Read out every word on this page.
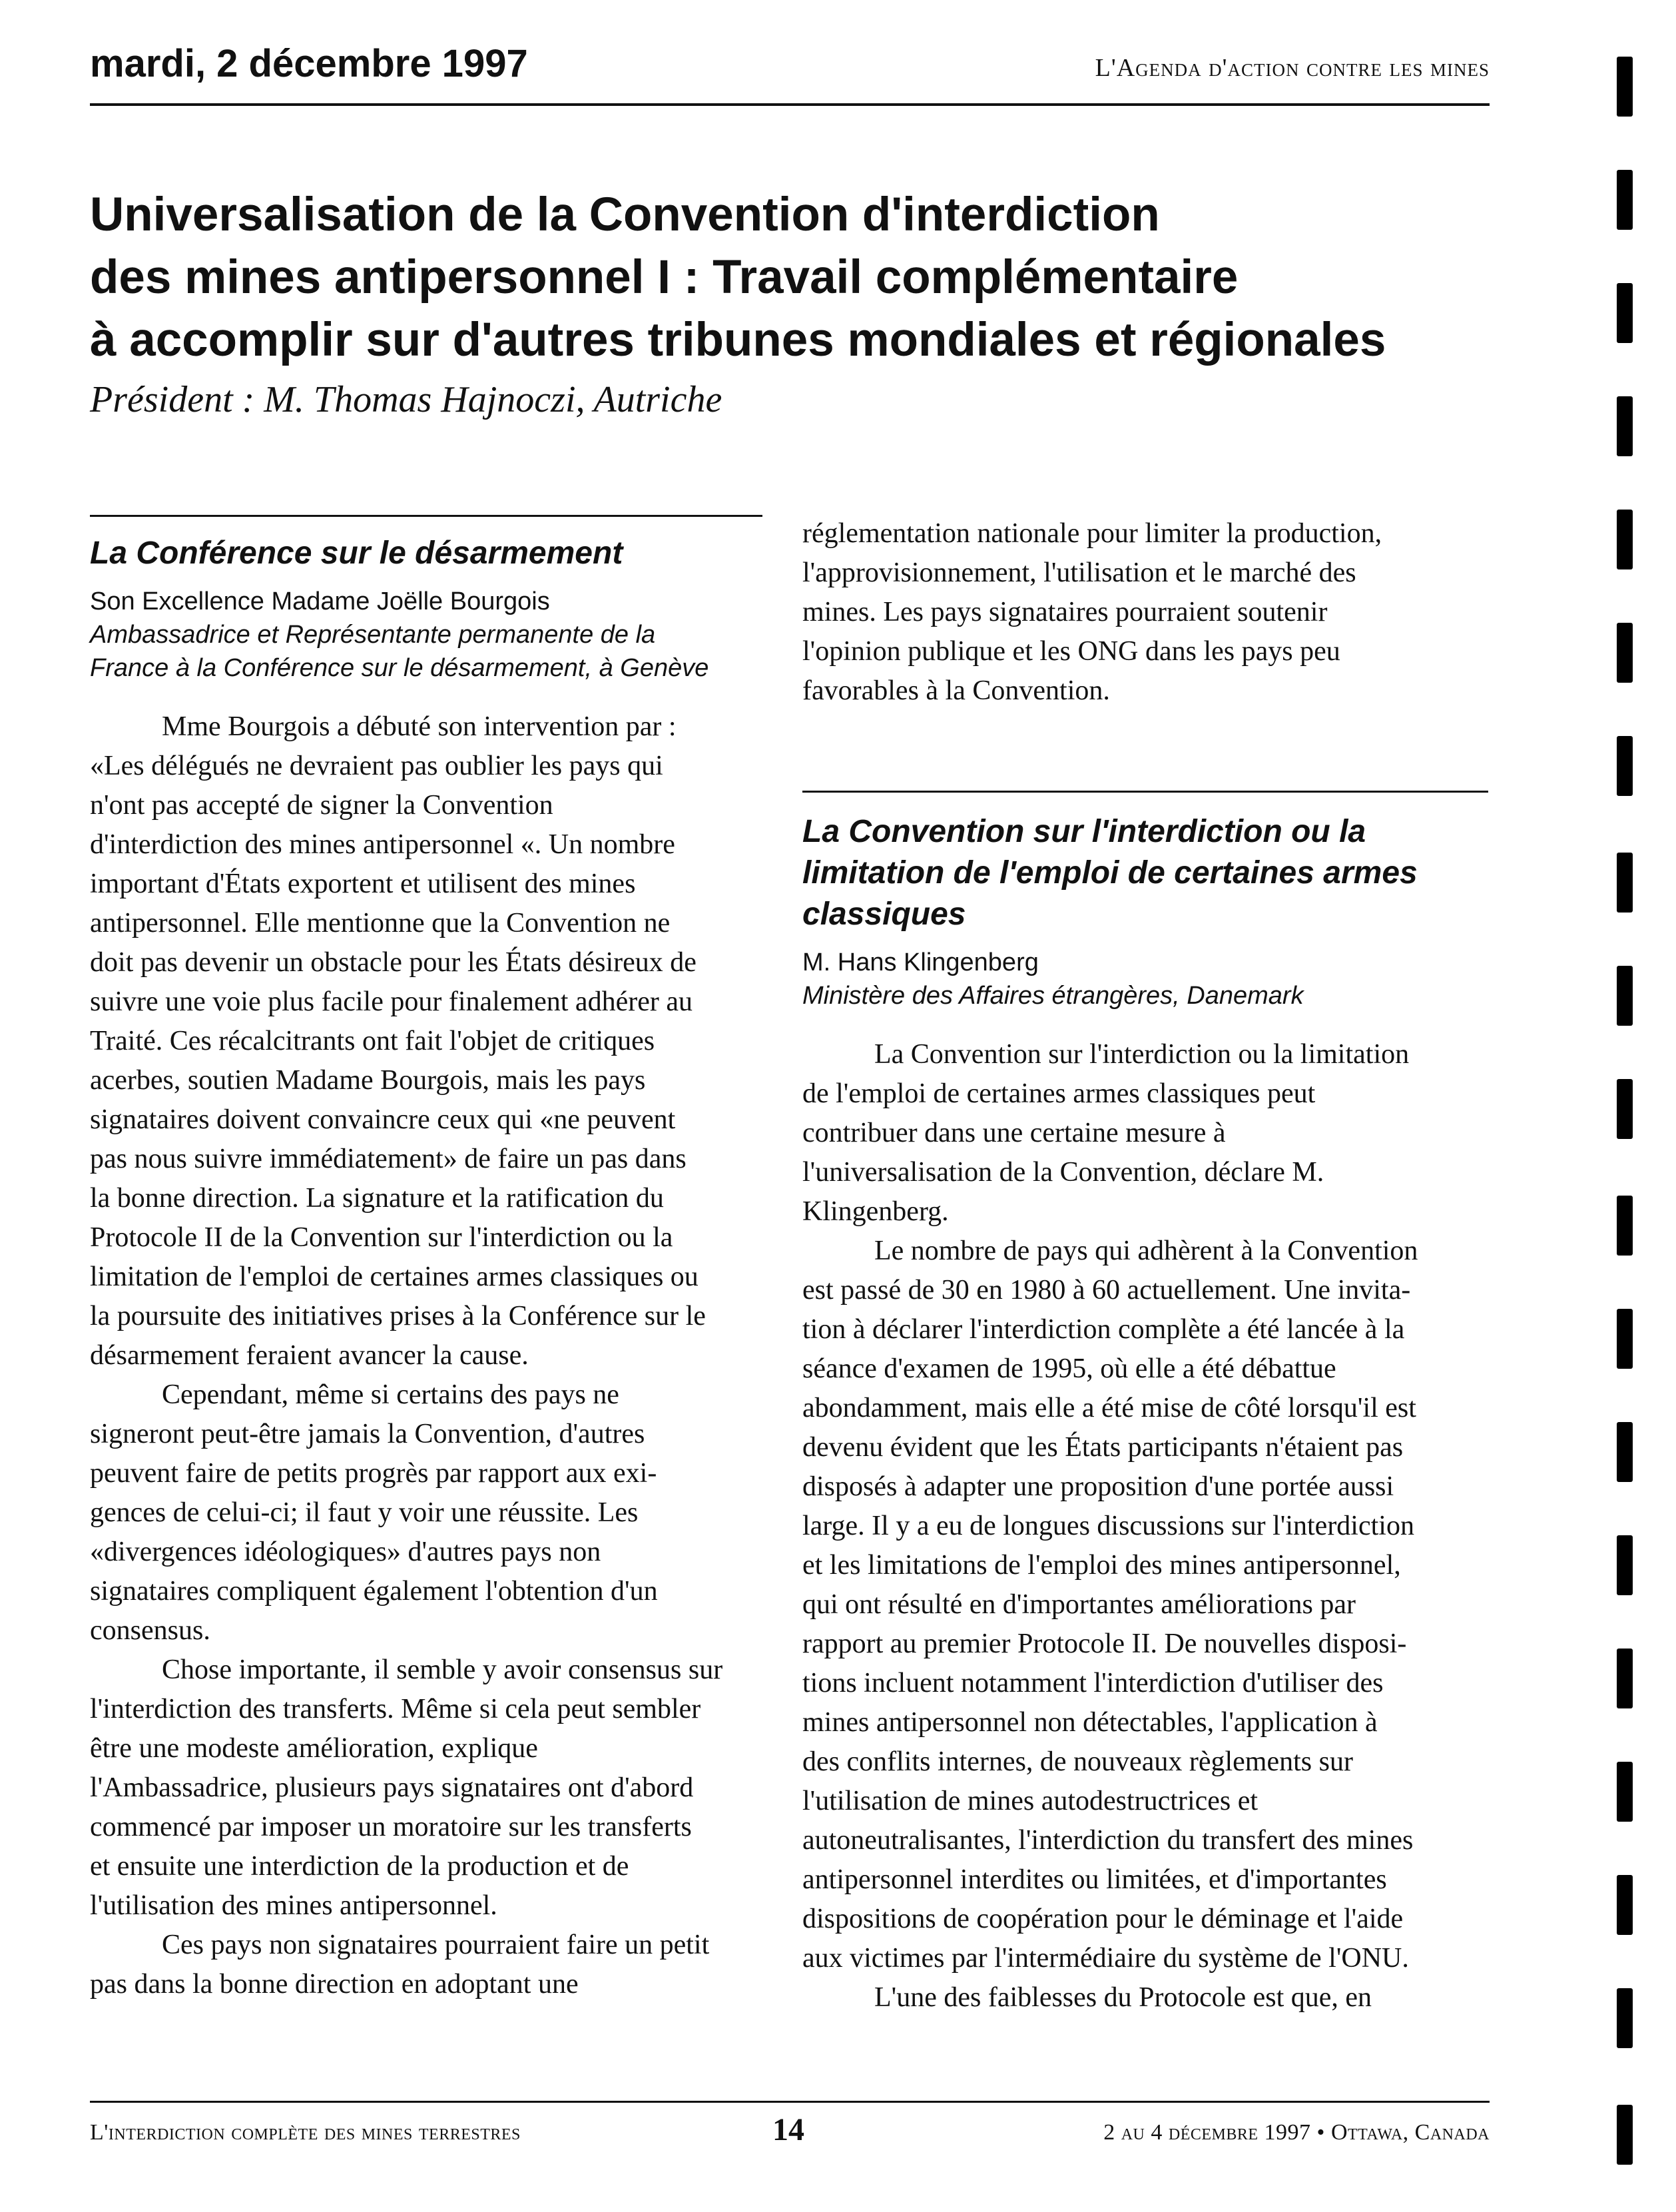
mardi, 2 décembre 1997	L'Agenda d'action contre les mines
Universalisation de la Convention d'interdiction
des mines antipersonnel I : Travail complémentaire
à accomplir sur d'autres tribunes mondiales et régionales
Président : M. Thomas Hajnoczi, Autriche
La Conférence sur le désarmement
Son Excellence Madame Joëlle Bourgois
Ambassadrice et Représentante permanente de la
France à la Conférence sur le désarmement, à Genève
Mme Bourgois a débuté son intervention par :
«Les délégués ne devraient pas oublier les pays qui
n'ont pas accepté de signer la Convention
d'interdiction des mines antipersonnel «. Un nombre
important d'États exportent et utilisent des mines
antipersonnel. Elle mentionne que la Convention ne
doit pas devenir un obstacle pour les États désireux de
suivre une voie plus facile pour finalement adhérer au
Traité. Ces récalcitrants ont fait l'objet de critiques
acerbes, soutien Madame Bourgois, mais les pays
signataires doivent convaincre ceux qui «ne peuvent
pas nous suivre immédiatement» de faire un pas dans
la bonne direction. La signature et la ratification du
Protocole II de la Convention sur l'interdiction ou la
limitation de l'emploi de certaines armes classiques ou
la poursuite des initiatives prises à la Conférence sur le
désarmement feraient avancer la cause.
Cependant, même si certains des pays ne
signeront peut-être jamais la Convention, d'autres
peuvent faire de petits progrès par rapport aux exi-
gences de celui-ci; il faut y voir une réussite. Les
«divergences idéologiques» d'autres pays non
signataires compliquent également l'obtention d'un
consensus.
Chose importante, il semble y avoir consensus sur
l'interdiction des transferts. Même si cela peut sembler
être une modeste amélioration, explique
l'Ambassadrice, plusieurs pays signataires ont d'abord
commencé par imposer un moratoire sur les transferts
et ensuite une interdiction de la production et de
l'utilisation des mines antipersonnel.
Ces pays non signataires pourraient faire un petit
pas dans la bonne direction en adoptant une
réglementation nationale pour limiter la production,
l'approvisionnement, l'utilisation et le marché des
mines. Les pays signataires pourraient soutenir
l'opinion publique et les ONG dans les pays peu
favorables à la Convention.
La Convention sur l'interdiction ou la
limitation de l'emploi de certaines armes
classiques
M. Hans Klingenberg
Ministère des Affaires étrangères, Danemark
La Convention sur l'interdiction ou la limitation
de l'emploi de certaines armes classiques peut
contribuer dans une certaine mesure à
l'universalisation de la Convention, déclare M.
Klingenberg.
Le nombre de pays qui adhèrent à la Convention
est passé de 30 en 1980 à 60 actuellement. Une invita-
tion à déclarer l'interdiction complète a été lancée à la
séance d'examen de 1995, où elle a été débattue
abondamment, mais elle a été mise de côté lorsqu'il est
devenu évident que les États participants n'étaient pas
disposés à adapter une proposition d'une portée aussi
large. Il y a eu de longues discussions sur l'interdiction
et les limitations de l'emploi des mines antipersonnel,
qui ont résulté en d'importantes améliorations par
rapport au premier Protocole II. De nouvelles disposi-
tions incluent notamment l'interdiction d'utiliser des
mines antipersonnel non détectables, l'application à
des conflits internes, de nouveaux règlements sur
l'utilisation de mines autodestructrices et
autoneutralisantes, l'interdiction du transfert des mines
antipersonnel interdites ou limitées, et d'importantes
dispositions de coopération pour le déminage et l'aide
aux victimes par l'intermédiaire du système de l'ONU.
L'une des faiblesses du Protocole est que, en
L'interdiction complète des mines terrestres	14	2 au 4 décembre 1997 • Ottawa, Canada
